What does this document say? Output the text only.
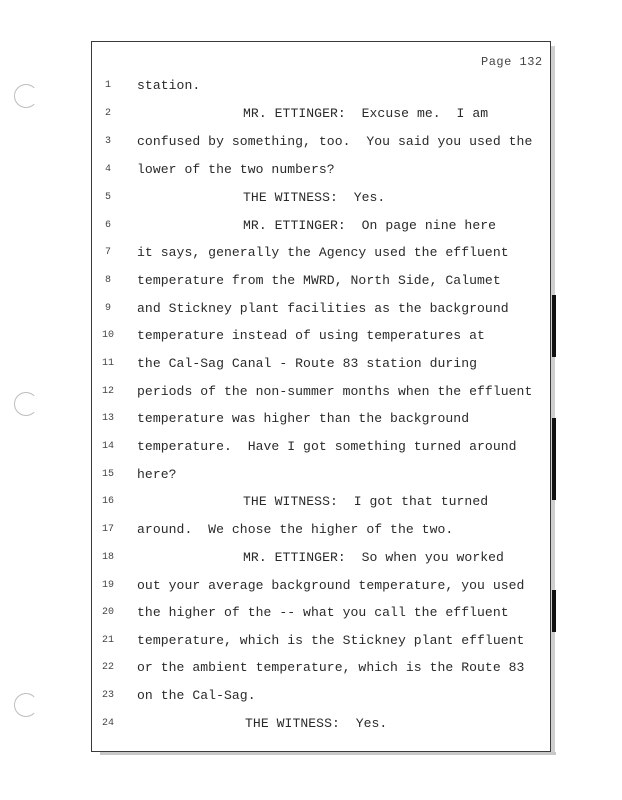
Page 132
1	station.
2	MR. ETTINGER:  Excuse me.  I am
3	confused by something, too.  You said you used the
4	lower of the two numbers?
5	THE WITNESS:  Yes.
6	MR. ETTINGER:  On page nine here
7	it says, generally the Agency used the effluent
8	temperature from the MWRD, North Side, Calumet
9	and Stickney plant facilities as the background
10 temperature instead of using temperatures at
11 the Cal-Sag Canal - Route 83 station during
12 periods of the non-summer months when the effluent
13 temperature was higher than the background
14 temperature.  Have I got something turned around
15 here?
16	THE WITNESS:  I got that turned
17 around.  We chose the higher of the two.
18	MR. ETTINGER:  So when you worked
19 out your average background temperature, you used
20 the higher of the -- what you call the effluent
21 temperature, which is the Stickney plant effluent
22 or the ambient temperature, which is the Route 83
23 on the Cal-Sag.
24	THE WITNESS:  Yes.
